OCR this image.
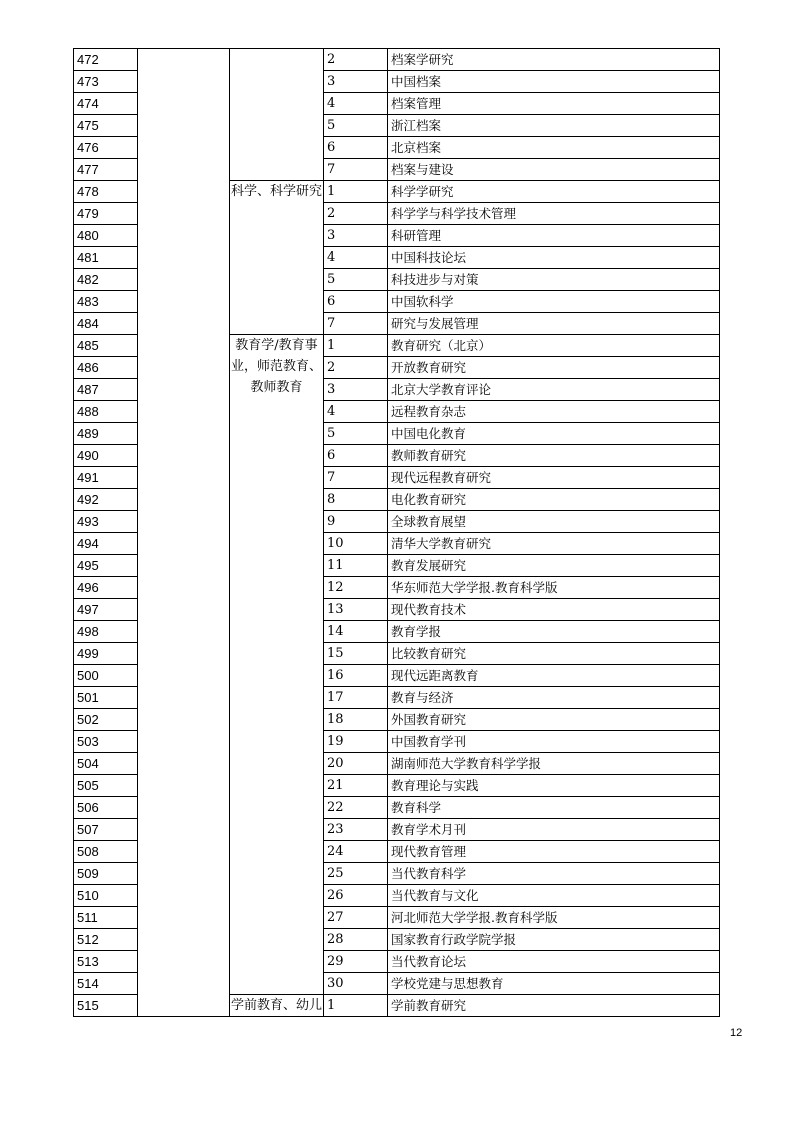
472			2	档案学研究
473			3	中国档案
474			4	档案管理
475			5	浙江档案
476			6	北京档案
477			7	档案与建设
478		科学、科学研究	1	科学学研究
479			2	科学学与科学技术管理
480			3	科研管理
481			4	中国科技论坛
482			5	科技进步与对策
483			6	中国软科学
484			7	研究与发展管理
485		教育学/教育事业，师范教育、教师教育	1	教育研究（北京）
486			2	开放教育研究
487			3	北京大学教育评论
488			4	远程教育杂志
489			5	中国电化教育
490			6	教师教育研究
491			7	现代远程教育研究
492			8	电化教育研究
493			9	全球教育展望
494			10	清华大学教育研究
495			11	教育发展研究
496			12	华东师范大学学报.教育科学版
497			13	现代教育技术
498			14	教育学报
499			15	比较教育研究
500			16	现代远距离教育
501			17	教育与经济
502			18	外国教育研究
503			19	中国教育学刊
504			20	湖南师范大学教育科学学报
505			21	教育理论与实践
506			22	教育科学
507			23	教育学术月刊
508			24	现代教育管理
509			25	当代教育科学
510			26	当代教育与文化
511			27	河北师范大学学报.教育科学版
512			28	国家教育行政学院学报
513			29	当代教育论坛
514			30	学校党建与思想教育
515		学前教育、幼儿	1	学前教育研究
12
